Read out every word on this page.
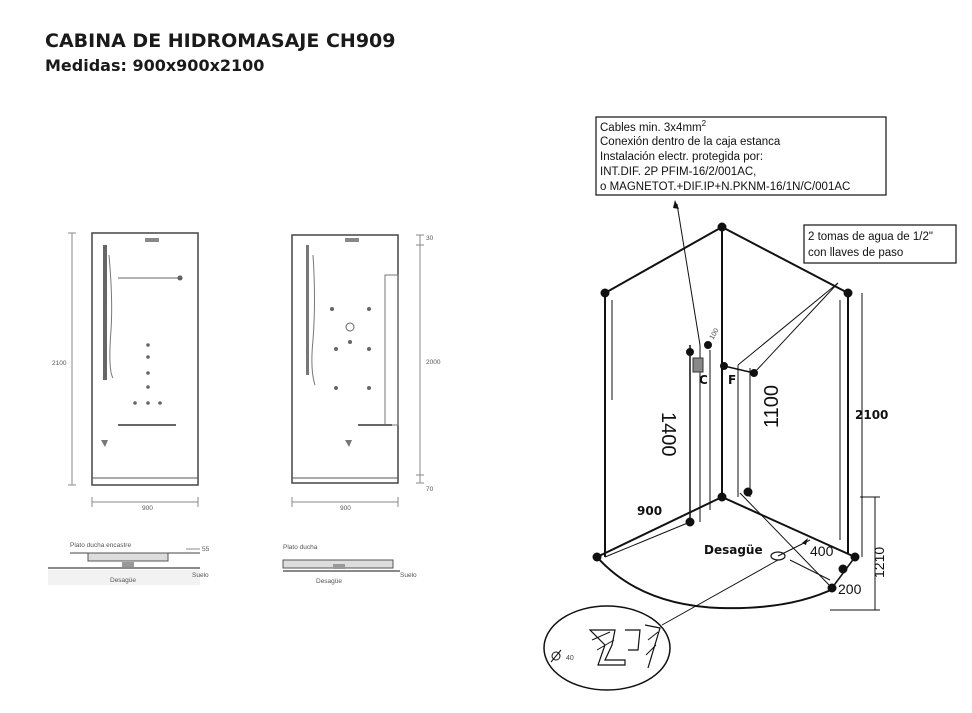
CABINA DE HIDROMASAJE CH909
Medidas: 900x900x2100
2100
900
30
2000
70
900
Plato ducha encastre
55
Suelo
Desagüe
Plato ducha
Suelo
Desagüe
Cables min. $3x4mm^2$
Conexión dentro de la caja estanca
Instalación electr. protegida por:
INT.DIF. 2P PFIM-16/2/001AC,
o MAGNETOT.+DIF.IP+N.PKNM-16/1N/C/001AC
2 tomas de agua de 1/2"
con llaves de paso
2100
900
1400
1100
100
400
200
1210
40
Desagüe
C F
